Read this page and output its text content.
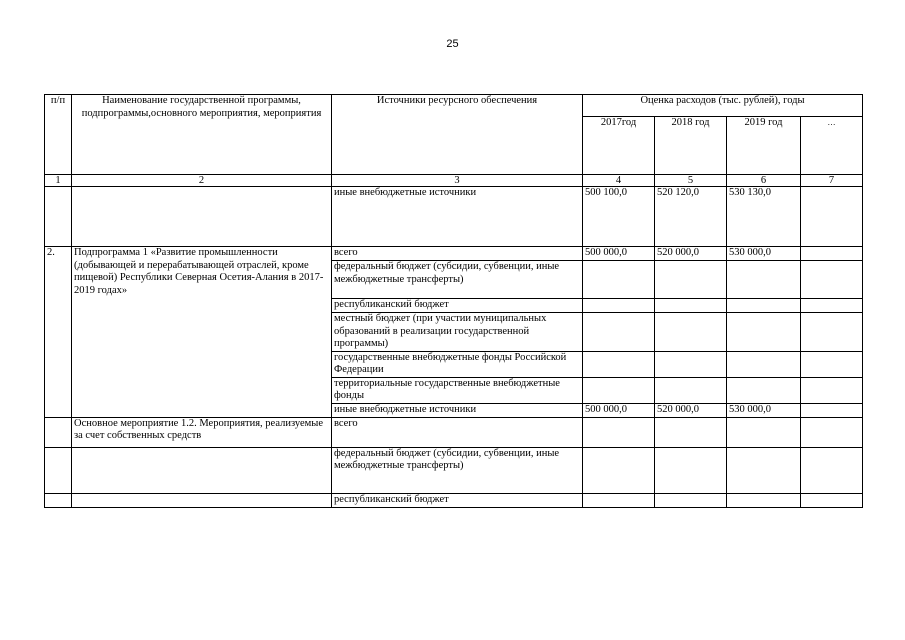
25
п/п	Наименование государственной программы, подпрограммы,основного мероприятия, мероприятия	Источники ресурсного обеспечения	Оценка расходов (тыс. рублей), годы			
			2017год	2018 год	2019 год	…
1	2	3	4	5	6	7
		иные внебюджетные источники	500 100,0	520 120,0	530 130,0	
2.	Подпрограмма 1 «Развитие промышленности (добывающей и перерабатывающей отраслей, кроме пищевой) Республики Северная Осетия-Алания в 2017-2019 годах»	всего	500 000,0	520 000,0	530 000,0	
		федеральный бюджет (субсидии, субвенции, иные межбюджетные трансферты)				
		республиканский бюджет				
		местный бюджет (при участии муниципальных образований в реализации государственной программы)				
		государственные внебюджетные фонды Российской Федерации				
		территориальные государственные внебюджетные фонды				
		иные внебюджетные источники	500 000,0	520 000,0	530 000,0	
	Основное мероприятие 1.2. Мероприятия, реализуемые за счет собственных средств	всего				
		федеральный бюджет (субсидии, субвенции, иные межбюджетные трансферты)				
		республиканский бюджет				
